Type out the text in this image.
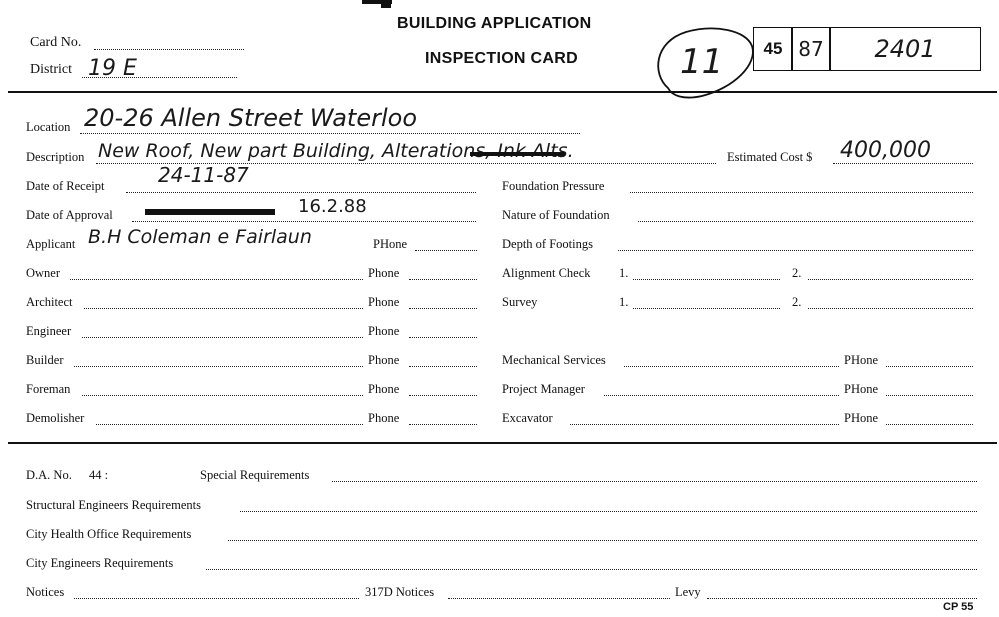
BUILDING APPLICATION
INSPECTION CARD
Card No.
District 19 E	11 45 87 2401
Location 20-26 Allen Street Waterloo
Description New Roof, New part Building, Alterations, Ink Alts.	Estimated Cost $ 400,000
Date of Receipt	24-11-87
Date of Approval	16.2.88
Applicant B.H Coleman e Fairlaun	PHone
Owner	Phone
Architect	Phone
Engineer	Phone
Builder	Phone
Foreman	Phone
Demolisher	Phone
Foundation Pressure
Nature of Foundation
Depth of Footings
Alignment Check 1.	2.
Survey	1.	2.
Mechanical Services	PHone
Project Manager	PHone
Excavator	PHone
D.A. No. 44 :	Special Requirements
Structural Engineers Requirements
City Health Office Requirements
City Engineers Requirements
Notices	317D Notices	Levy
CP 55
